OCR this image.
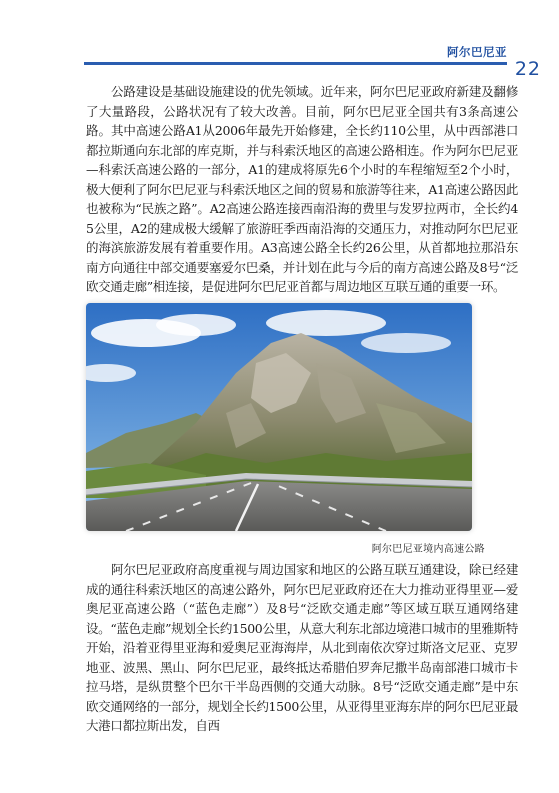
阿尔巴尼亚
22

公路建设是基础设施建设的优先领域。近年来，阿尔巴尼亚政府新建及翻修了大量路段，公路状况有了较大改善。目前，阿尔巴尼亚全国共有3条高速公路。其中高速公路A1从2006年最先开始修建，全长约110公里，从中西部港口都拉斯通向东北部的库克斯，并与科索沃地区的高速公路相连。作为阿尔巴尼亚—科索沃高速公路的一部分，A1的建成将原先6个小时的车程缩短至2个小时，极大便利了阿尔巴尼亚与科索沃地区之间的贸易和旅游等往来，A1高速公路因此也被称为“民族之路”。A2高速公路连接西南沿海的费里与发罗拉两市，全长约45公里，A2的建成极大缓解了旅游旺季西南沿海的交通压力，对推动阿尔巴尼亚的海滨旅游发展有着重要作用。A3高速公路全长约26公里，从首都地拉那沿东南方向通往中部交通要塞爱尔巴桑，并计划在此与今后的南方高速公路及8号“泛欧交通走廊”相连接，是促进阿尔巴尼亚首都与周边地区互联互通的重要一环。

阿尔巴尼亚境内高速公路

阿尔巴尼亚政府高度重视与周边国家和地区的公路互联互通建设，除已经建成的通往科索沃地区的高速公路外，阿尔巴尼亚政府还在大力推动亚得里亚—爱奥尼亚高速公路（“蓝色走廊”）及8号“泛欧交通走廊”等区域互联互通网络建设。“蓝色走廊”规划全长约1500公里，从意大利东北部边境港口城市的里雅斯特开始，沿着亚得里亚海和爱奥尼亚海海岸，从北到南依次穿过斯洛文尼亚、克罗地亚、波黑、黑山、阿尔巴尼亚，最终抵达希腊伯罗奔尼撒半岛南部港口城市卡拉马塔，是纵贯整个巴尔干半岛西侧的交通大动脉。8号“泛欧交通走廊”是中东欧交通网络的一部分，规划全长约1500公里，从亚得里亚海东岸的阿尔巴尼亚最大港口都拉斯出发，自西
